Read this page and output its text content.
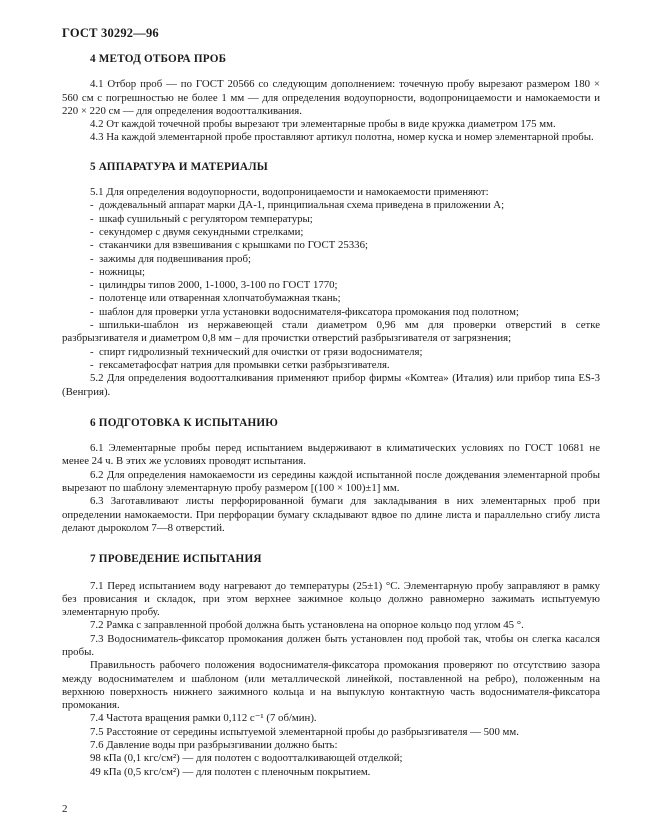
ГОСТ 30292—96
4 МЕТОД ОТБОРА ПРОБ

4.1 Отбор проб — по ГОСТ 20566 со следующим дополнением: точечную пробу вырезают размером 180 × 560 см с погрешностью не более 1 мм — для определения водоупорности, водопроницаемости и намокаемости и 220 × 220 см — для определения водоотталкивания.

4.2 От каждой точечной пробы вырезают три элементарные пробы в виде кружка диаметром 175 мм.

4.3 На каждой элементарной пробе проставляют артикул полотна, номер куска и номер элементарной пробы.

5 АППАРАТУРА И МАТЕРИАЛЫ

5.1 Для определения водоупорности, водопроницаемости и намокаемости применяют:

- дождевальный аппарат марки ДА-1, принципиальная схема приведена в приложении А;

- шкаф сушильный с регулятором температуры;

- секундомер с двумя секундными стрелками;

- стаканчики для взвешивания с крышками по ГОСТ 25336;

- зажимы для подвешивания проб;

- ножницы;

- цилиндры типов 2000, 1-1000, 3-100 по ГОСТ 1770;

- полотенце или отваренная хлопчатобумажная ткань;

- шаблон для проверки угла установки водоснимателя-фиксатора промокания под полотном;

- шпильки-шаблон из нержавеющей стали диаметром 0,96 мм для проверки отверстий в сетке разбрызгивателя и диаметром 0,8 мм – для прочистки отверстий разбрызгивателя от загрязнения;

- спирт гидролизный технический для очистки от грязи водоснимателя;

- гексаметафосфат натрия для промывки сетки разбрызгивателя.

5.2 Для определения водоотталкивания применяют прибор фирмы «Комтеа» (Италия) или прибор типа ES-3 (Венгрия).

6 ПОДГОТОВКА К ИСПЫТАНИЮ

6.1 Элементарные пробы перед испытанием выдерживают в климатических условиях по ГОСТ 10681 не менее 24 ч. В этих же условиях проводят испытания.

6.2 Для определения намокаемости из середины каждой испытанной после дождевания элементарной пробы вырезают по шаблону элементарную пробу размером [(100 × 100)±1] мм.

6.3 Заготавливают листы перфорированной бумаги для закладывания в них элементарных проб при определении намокаемости. При перфорации бумагу складывают вдвое по длине листа и параллельно сгибу листа делают дыроколом 7—8 отверстий.

7 ПРОВЕДЕНИЕ ИСПЫТАНИЯ

7.1 Перед испытанием воду нагревают до температуры (25±1) °С. Элементарную пробу заправляют в рамку без провисания и складок, при этом верхнее зажимное кольцо должно равномерно зажимать испытуемую элементарную пробу.

7.2 Рамка с заправленной пробой должна быть установлена на опорное кольцо под углом 45 °.

7.3 Водосниматель-фиксатор промокания должен быть установлен под пробой так, чтобы он слегка касался пробы.

Правильность рабочего положения водоснимателя-фиксатора промокания проверяют по отсутствию зазора между водоснимателем и шаблоном (или металлической линейкой, поставленной на ребро), положенным на верхнюю поверхность нижнего зажимного кольца и на выпуклую контактную часть водоснимателя-фиксатора промокания.

7.4 Частота вращения рамки 0,112 с⁻¹ (7 об/мин).

7.5 Расстояние от середины испытуемой элементарной пробы до разбрызгивателя — 500 мм.

7.6 Давление воды при разбрызгивании должно быть:

98 кПа (0,1 кгс/см²) — для полотен с водоотталкивающей отделкой;

49 кПа (0,5 кгс/см²) — для полотен с пленочным покрытием.

2
